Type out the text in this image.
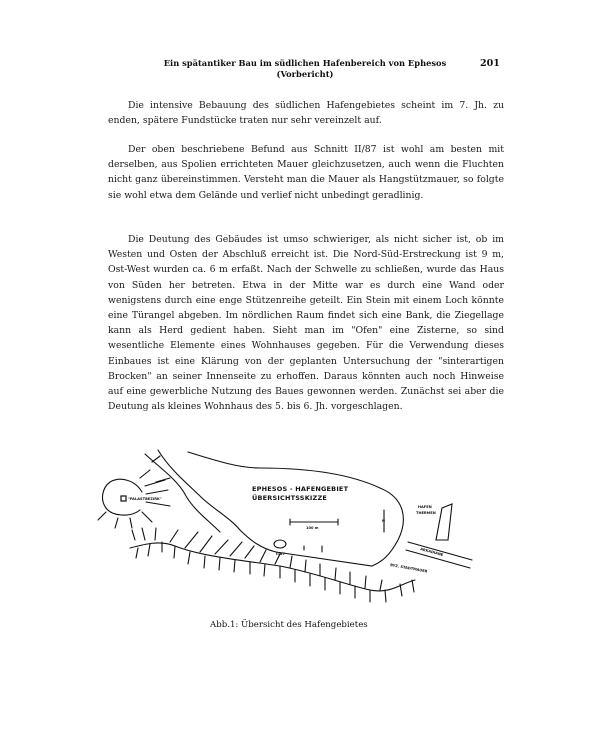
Ein spätantiker Bau im südlichen Hafenbereich von Ephesos
(Vorbericht)
201

Die intensive Bebauung des südlichen Hafengebietes scheint im 7. Jh. zu enden, spätere Fundstücke traten nur sehr vereinzelt auf.

Der oben beschriebene Befund aus Schnitt II/87 ist wohl am besten mit derselben, aus Spolien errichteten Mauer gleichzusetzen, auch wenn die Fluchten nicht ganz übereinstimmen. Versteht man die Mauer als Hangstützmauer, so folgte sie wohl etwa dem Gelände und verlief nicht unbedingt geradlinig.

Die Deutung des Gebäudes ist umso schwieriger, als nicht sicher ist, ob im Westen und Osten der Abschluß erreicht ist. Die Nord-Süd-Erstreckung ist 9 m, Ost-West wurden ca. 6 m erfaßt. Nach der Schwelle zu schließen, wurde das Haus von Süden her betreten. Etwa in der Mitte war es durch eine Wand oder wenigstens durch eine enge Stützenreihe geteilt. Ein Stein mit einem Loch könnte eine Türangel abgeben. Im nördlichen Raum findet sich eine Bank, die Ziegellage kann als Herd gedient haben. Sieht man im "Ofen" eine Zisterne, so sind wesentliche Elemente eines Wohnhauses gegeben. Für die Verwendung dieses Einbaues ist eine Klärung von der geplanten Untersuchung der "sinterartigen Brocken" an seiner Innenseite zu erhoffen. Daraus könnten auch noch Hinweise auf eine gewerbliche Nutzung des Baues gewonnen werden. Zunächst sei aber die Deutung als kleines Wohnhaus des 5. bis 6. Jh. vorgeschlagen.

EPHESOS - HAFENGEBIET
ÜBERSICHTSSKIZZE
"PALASTBEZIRK"
HAFEN
THERMEN
ARKADIANE
BYZ. STADTMAUER
II/87
100 m
N
Abb.1: Übersicht des Hafengebietes
